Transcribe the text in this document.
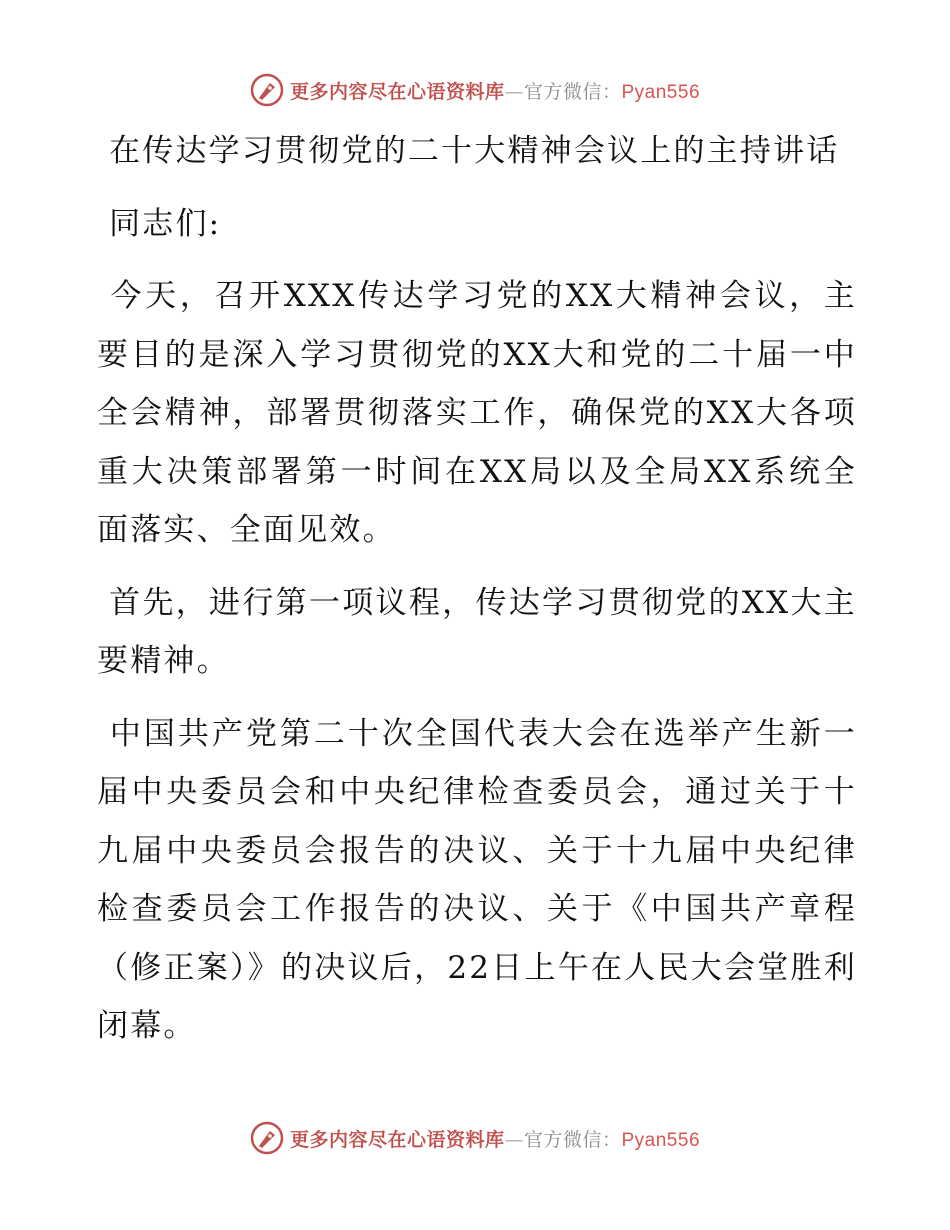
更多内容尽在心语资料库—官方微信：Pyan556

在传达学习贯彻党的二十大精神会议上的主持讲话

同志们:

今天，召开XXX传达学习党的XX大精神会议，主要目的是深入学习贯彻党的XX大和党的二十届一中全会精神，部署贯彻落实工作，确保党的XX大各项重大决策部署第一时间在XX局以及全局XX系统全面落实、全面见效。

首先，进行第一项议程，传达学习贯彻党的XX大主要精神。

中国共产党第二十次全国代表大会在选举产生新一届中央委员会和中央纪律检查委员会，通过关于十九届中央委员会报告的决议、关于十九届中央纪律检查委员会工作报告的决议、关于《中国共产章程（修正案）》的决议后，22日上午在人民大会堂胜利闭幕。

更多内容尽在心语资料库—官方微信：Pyan556
